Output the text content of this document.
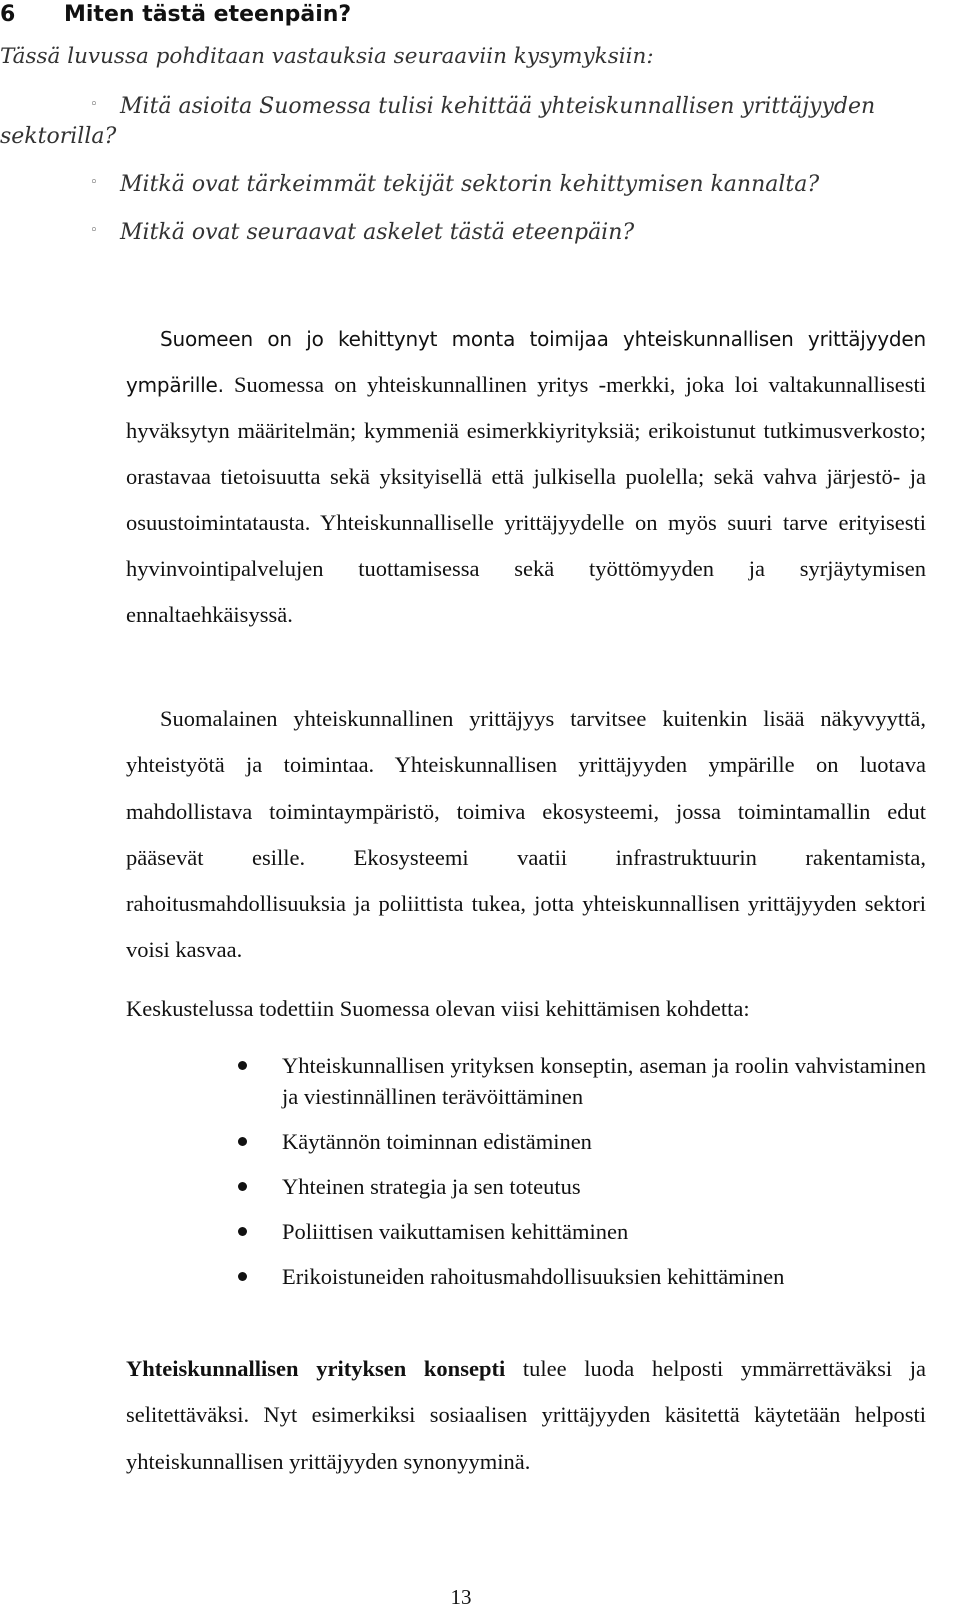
6 Miten tästä eteenpäin?

Tässä luvussa pohditaan vastauksia seuraaviin kysymyksiin:

◦ Mitä asioita Suomessa tulisi kehittää yhteiskunnallisen yrittäjyyden
sektorilla?
◦ Mitkä ovat tärkeimmät tekijät sektorin kehittymisen kannalta?
◦ Mitkä ovat seuraavat askelet tästä eteenpäin?

Suomeen on jo kehittynyt monta toimijaa yhteiskunnallisen yrittäjyyden ympärille. Suomessa on yhteiskunnallinen yritys -merkki, joka loi valtakunnallisesti hyväksytyn määritelmän; kymmeniä esimerkkiyrityksiä; erikoistunut tutkimusverkosto; orastavaa tietoisuutta sekä yksityisellä että julkisella puolella; sekä vahva järjestö- ja osuustoimintatausta. Yhteiskunnalliselle yrittäjyydelle on myös suuri tarve erityisesti hyvinvointipalvelujen tuottamisessa sekä työttömyyden ja syrjäytymisen ennaltaehkäisyssä.

Suomalainen yhteiskunnallinen yrittäjyys tarvitsee kuitenkin lisää näkyvyyttä, yhteistyötä ja toimintaa. Yhteiskunnallisen yrittäjyyden ympärille on luotava mahdollistava toimintaympäristö, toimiva ekosysteemi, jossa toimintamallin edut pääsevät esille. Ekosysteemi vaatii infrastruktuurin rakentamista, rahoitusmahdollisuuksia ja poliittista tukea, jotta yhteiskunnallisen yrittäjyyden sektori voisi kasvaa.

Keskustelussa todettiin Suomessa olevan viisi kehittämisen kohdetta:

Yhteiskunnallisen yrityksen konseptin, aseman ja roolin vahvistaminen ja viestinnällinen terävöittäminen
Käytännön toiminnan edistäminen
Yhteinen strategia ja sen toteutus
Poliittisen vaikuttamisen kehittäminen
Erikoistuneiden rahoitusmahdollisuuksien kehittäminen

Yhteiskunnallisen yrityksen konsepti tulee luoda helposti ymmärrettäväksi ja selitettäväksi. Nyt esimerkiksi sosiaalisen yrittäjyyden käsitettä käytetään helposti yhteiskunnallisen yrittäjyyden synonyyminä.

13
